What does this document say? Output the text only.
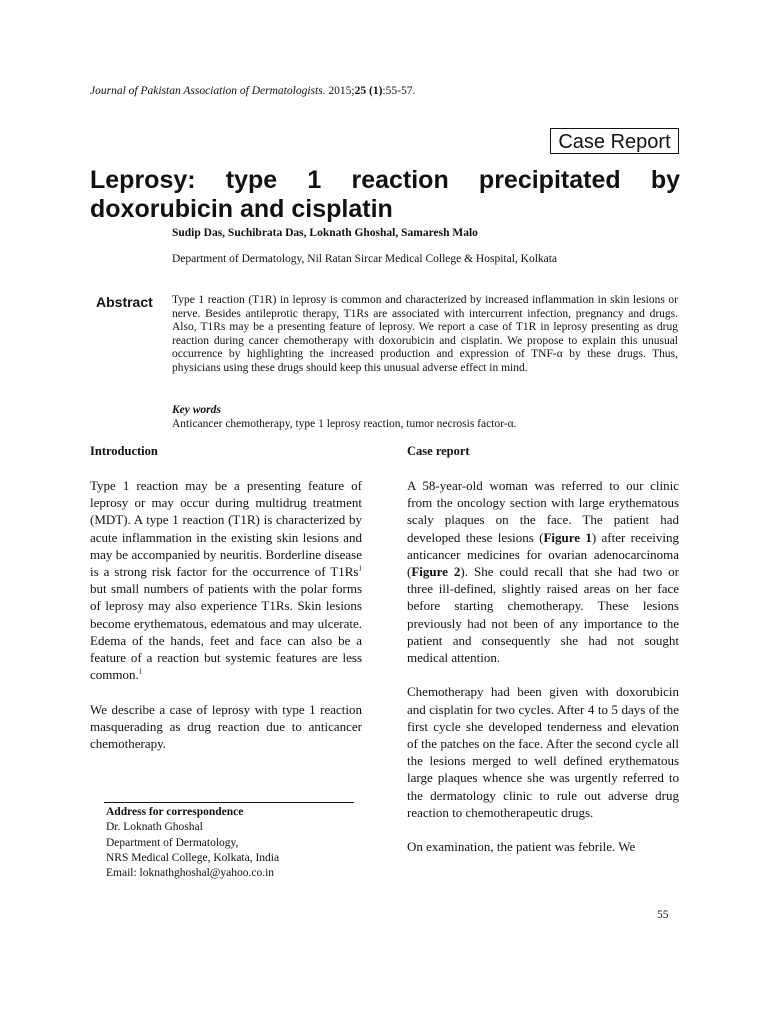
Journal of Pakistan Association of Dermatologists. 2015;25 (1):55-57.
Case Report
Leprosy: type 1 reaction precipitated by
doxorubicin and cisplatin
Sudip Das, Suchibrata Das, Loknath Ghoshal, Samaresh Malo
Department of Dermatology, Nil Ratan Sircar Medical College & Hospital, Kolkata
Abstract Type 1 reaction (T1R) in leprosy is common and characterized by increased inflammation in skin lesions or nerve. Besides antileprotic therapy, T1Rs are associated with intercurrent infection, pregnancy and drugs. Also, T1Rs may be a presenting feature of leprosy. We report a case of T1R in leprosy presenting as drug reaction during cancer chemotherapy with doxorubicin and cisplatin. We propose to explain this unusual occurrence by highlighting the increased production and expression of TNF-α by these drugs. Thus, physicians using these drugs should keep this unusual adverse effect in mind.
Key words
Anticancer chemotherapy, type 1 leprosy reaction, tumor necrosis factor-α.
Introduction	Case report

Type 1 reaction may be a presenting feature of leprosy or may occur during multidrug treatment (MDT). A type 1 reaction (T1R) is characterized by acute inflammation in the existing skin lesions and may be accompanied by neuritis. Borderline disease is a strong risk factor for the occurrence of T1Rs$^1$ but small numbers of patients with the polar forms of leprosy may also experience T1Rs. Skin lesions become erythematous, edematous and may ulcerate. Edema of the hands, feet and face can also be a feature of a reaction but systemic features are less common.$^1$

We describe a case of leprosy with type 1 reaction masquerading as drug reaction due to anticancer chemotherapy.

A 58-year-old woman was referred to our clinic from the oncology section with large erythematous scaly plaques on the face. The patient had developed these lesions (Figure 1) after receiving anticancer medicines for ovarian adenocarcinoma (Figure 2). She could recall that she had two or three ill-defined, slightly raised areas on her face before starting chemotherapy. These lesions previously had not been of any importance to the patient and consequently she had not sought medical attention.

Chemotherapy had been given with doxorubicin and cisplatin for two cycles. After 4 to 5 days of the first cycle she developed tenderness and elevation of the patches on the face. After the second cycle all the lesions merged to well defined erythematous large plaques whence she was urgently referred to the dermatology clinic to rule out adverse drug reaction to chemotherapeutic drugs.

On examination, the patient was febrile. We

Address for correspondence
Dr. Loknath Ghoshal
Department of Dermatology,
NRS Medical College, Kolkata, India
Email: loknathghoshal@yahoo.co.in
55
